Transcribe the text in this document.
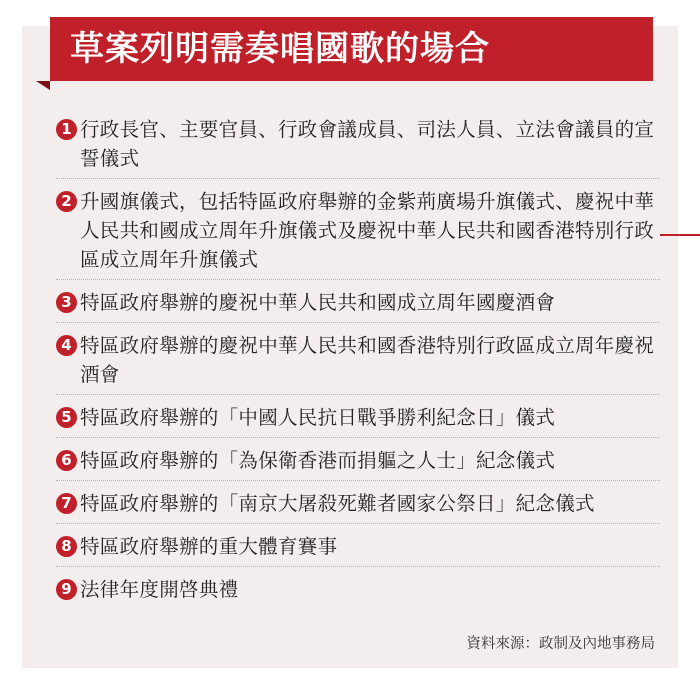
草案列明需奏唱國歌的場合
1 行政長官、主要官員、行政會議成員、司法人員、立法會議員的宣誓儀式
2 升國旗儀式，包括特區政府舉辦的金紫荊廣場升旗儀式、慶祝中華人民共和國成立周年升旗儀式及慶祝中華人民共和國香港特別行政區成立周年升旗儀式
3 特區政府舉辦的慶祝中華人民共和國成立周年國慶酒會
4 特區政府舉辦的慶祝中華人民共和國香港特別行政區成立周年慶祝酒會
5 特區政府舉辦的「中國人民抗日戰爭勝利紀念日」儀式
6 特區政府舉辦的「為保衛香港而捐軀之人士」紀念儀式
7 特區政府舉辦的「南京大屠殺死難者國家公祭日」紀念儀式
8 特區政府舉辦的重大體育賽事
9 法律年度開啓典禮
資料來源：政制及內地事務局
